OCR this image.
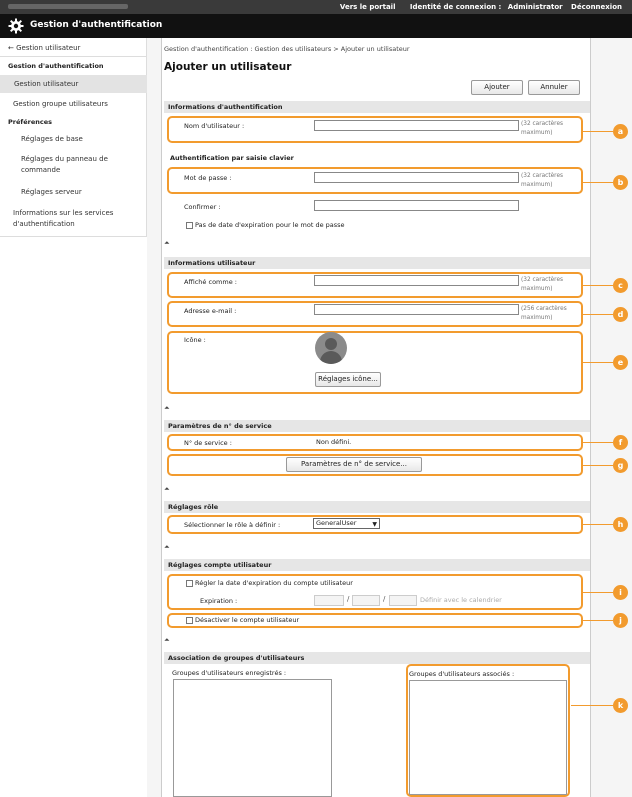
Vers le portail Identité de connexion : Administrator Déconnexion
Gestion d'authentification
← Gestion utilisateur
Gestion d'authentification
Gestion utilisateur
Gestion groupe utilisateurs
Préférences
Réglages de base
Réglages du panneau de commande
Réglages serveur
Informations sur les services d'authentification
Gestion d'authentification : Gestion des utilisateurs > Ajouter un utilisateur
Ajouter un utilisateur
Ajouter	Annuler
Informations d'authentification
Nom d'utilisateur :	(32 caractères maximum)
Authentification par saisie clavier
Mot de passe :	(32 caractères maximum)
Confirmer :
Pas de date d'expiration pour le mot de passe
⏶
Informations utilisateur
Affiché comme :	(32 caractères maximum)
Adresse e-mail :	(256 caractères maximum)
Icône :
Réglages icône...
⏶
Paramètres de n° de service
N° de service :	Non défini.
Paramètres de n° de service...
⏶
Réglages rôle
Sélectionner le rôle à définir :	GeneralUser	▼
⏶
Réglages compte utilisateur
Régler la date d'expiration du compte utilisateur
Expiration :	/	/	Définir avec le calendrier
Désactiver le compte utilisateur
⏶
Association de groupes d'utilisateurs
Groupes d'utilisateurs enregistrés :	Groupes d'utilisateurs associés :
a
b
c
d
e
f
g
h
i
j
k
